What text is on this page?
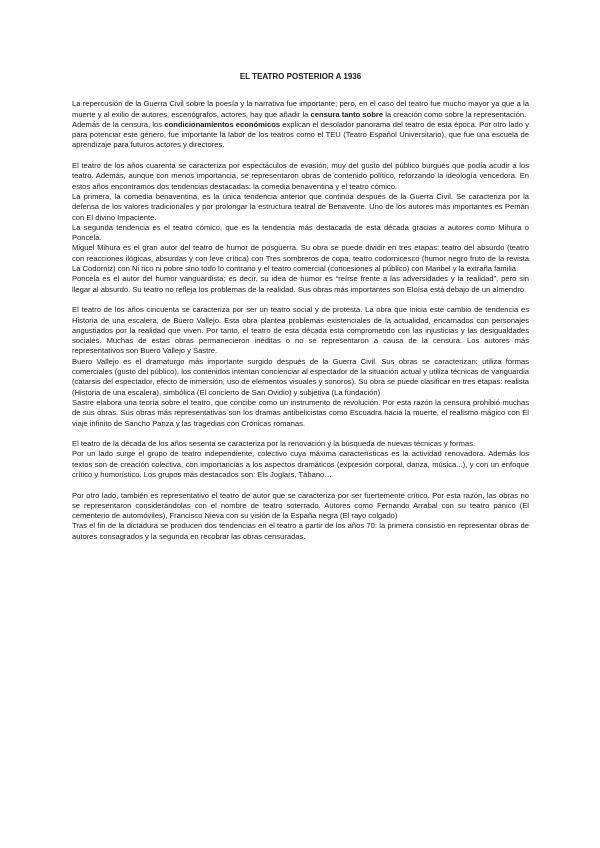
EL TEATRO POSTERIOR A 1936

La repercusión de la Guerra Civil sobre la poesía y la narrativa fue importante; pero, en el caso del teatro fue mucho mayor ya que a la muerte y al exilio de autores, escenógrafos, actores, hay que añadir la censura tanto sobre la creación como sobre la representación.

Además de la censura, los condicionamientos económicos explican el desolador panorama del teatro de esta época. Por otro lado y para potenciar este género, fue importante la labor de los teatros como el TEU (Teatro Español Universitario), que fue una escuela de aprendizaje para futuros actores y directores.

El teatro de los años cuarenta se caracteriza por espectáculos de evasión, muy del gusto del público burgués que podía acudir a los teatro. Además, aunque con menos importancia, se representaron obras de contenido político, reforzando la ideología vencedora. En estos años encontramos dos tendencias destacadas: la comedia benaventina y el teatro cómico.

La primera, la comedia benaventina, es la única tendencia anterior que continúa después de la Guerra Civil. Se caracteriza por la defensa de los valores tradicionales y por prolongar la estructura teatral de Benavente. Uno de los autores más importantes es Pemán con El divino Impaciente.

La segunda tendencia es el teatro cómico, que es la tendencia más destacada de esta década gracias a autores como Mihura o Poncela.

Miguel Mihura es el gran autor del teatro de humor de posguerra. Su obra se puede dividir en tres etapas: teatro del absurdo (teatro con reacciones ilógicas, absurdas y con leve crítica) con Tres sombreros de copa, teatro codornicesco (humor negro fruto de la revista La Codorniz) con Ni rico ni pobre sino todo lo contrario y el teatro comercial (concesiones al público) con Maribel y la extraña familia.

Poncela es el autor del humor vanguardista; es decir, su idea de humor es “reírse frente a las adversidades y la realidad”, pero sin llegar al absurdo. Su teatro no refleja los problemas de la realidad. Sus obras más importantes son Eloísa está debajo de un almendro.

El teatro de los años cincuenta se caracteriza por ser un teatro social y de protesta. La obra que inicia este cambio de tendencia es Historia de una escalera, de Buero Vallejo. Esta obra plantea problemas existenciales de la actualidad, encarnados con personajes angustiados por la realidad que viven. Por tanto, el teatro de esta década está comprometido con las injusticias y las desigualdades sociales. Muchas de estas obras permanecieron inéditas o no se representaron a causa de la censura. Los autores más representativos son Buero Vallejo y Sastre.

Buero Vallejo es el dramaturgo más importante surgido después de la Guerra Civil. Sus obras se caracterizan: utiliza formas comerciales (gusto del público), los contenidos intentan concienciar al espectador de la situación actual y utiliza técnicas de vanguardia (catarsis del espectador, efecto de inmersión, uso de elementos visuales y sonoros). Su obra se puede clasificar en tres etapas: realista (Historia de una escalera), simbólica (El concierto de San Ovidio) y subjetiva (La fundación)

Sastre elabora una teoría sobre el teatro, que concibe como un instrumento de revolución. Por esta razón la censura prohibió muchas de sus obras. Sus obras más representativas son los dramas antibelicistas como Escuadra hacia la muerte, el realismo mágico con El viaje infinito de Sancho Panza y las tragedias con Crónicas romanas.

El teatro de la década de los años sesenta se caracteriza por la renovación y la búsqueda de nuevas técnicas y formas.

Por un lado surge el grupo de teatro independiente, colectivo cuya máxima características es la actividad renovadora. Además los textos son de creación colectiva, con importancias a los aspectos dramáticos (expresión corporal, danza, música...), y con un enfoque crítico y humorístico. Los grupos más destacados son: Els Joglars, Tábano…

Por otro lado, también es representativo el teatro de autor que se caracteriza por ser fuertemente crítico. Por esta razón, las obras no se representaron considerándolas con el nombre de teatro soterrado. Autores como Fernando Arrabal con su teatro pánico (El cementerio de automóviles), Francisco Nieva con su visión de la España negra (El rayo colgado)

Tras el fin de la dictadura se producen dos tendencias en el teatro a partir de los años 70: la primera consistió en representar obras de autores consagrados y la segunda en recobrar las obras censuradas.
